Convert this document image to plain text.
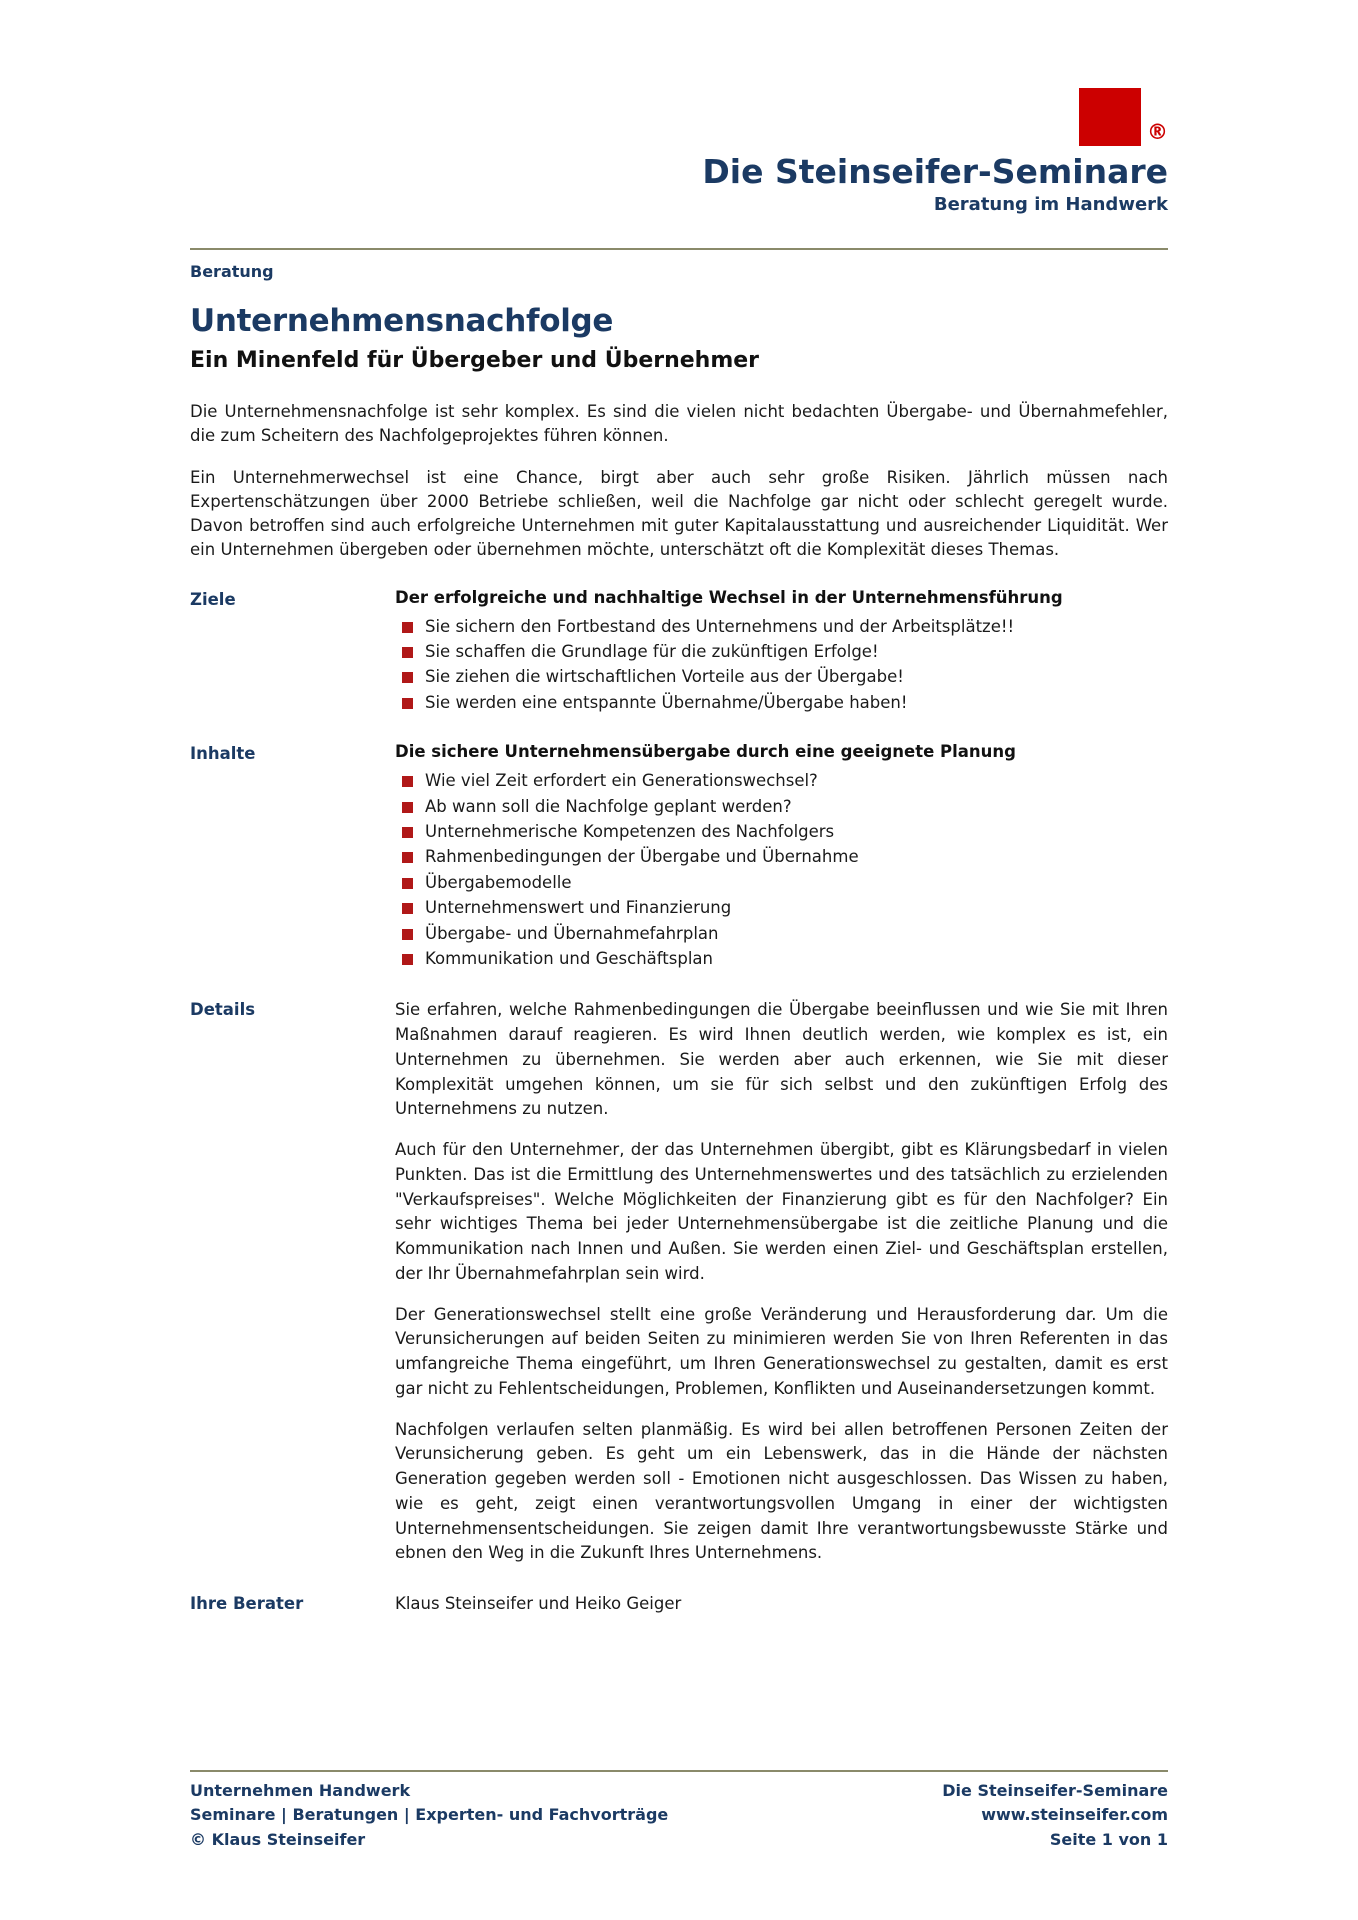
®
Die Steinseifer-Seminare
Beratung im Handwerk
Beratung
Unternehmensnachfolge
Ein Minenfeld für Übergeber und Übernehmer

Die Unternehmensnachfolge ist sehr komplex. Es sind die vielen nicht bedachten Übergabe- und Übernahmefehler, die zum Scheitern des Nachfolgeprojektes führen können.

Ein Unternehmerwechsel ist eine Chance, birgt aber auch sehr große Risiken. Jährlich müssen nach Expertenschätzungen über 2000 Betriebe schließen, weil die Nachfolge gar nicht oder schlecht geregelt wurde. Davon betroffen sind auch erfolgreiche Unternehmen mit guter Kapitalausstattung und ausreichender Liquidität. Wer ein Unternehmen übergeben oder übernehmen möchte, unterschätzt oft die Komplexität dieses Themas.

Ziele	Der erfolgreiche und nachhaltige Wechsel in der Unternehmensführung
Sie sichern den Fortbestand des Unternehmens und der Arbeitsplätze!!
Sie schaffen die Grundlage für die zukünftigen Erfolge!
Sie ziehen die wirtschaftlichen Vorteile aus der Übergabe!
Sie werden eine entspannte Übernahme/Übergabe haben!
Inhalte	Die sichere Unternehmensübergabe durch eine geeignete Planung
Wie viel Zeit erfordert ein Generationswechsel?
Ab wann soll die Nachfolge geplant werden?
Unternehmerische Kompetenzen des Nachfolgers
Rahmenbedingungen der Übergabe und Übernahme
Übergabemodelle
Unternehmenswert und Finanzierung
Übergabe- und Übernahmefahrplan
Kommunikation und Geschäftsplan
Details	Sie erfahren, welche Rahmenbedingungen die Übergabe beeinflussen und wie Sie mit Ihren Maßnahmen darauf reagieren. Es wird Ihnen deutlich werden, wie komplex es ist, ein Unternehmen zu übernehmen. Sie werden aber auch erkennen, wie Sie mit dieser Komplexität umgehen können, um sie für sich selbst und den zukünftigen Erfolg des Unternehmens zu nutzen.

Auch für den Unternehmer, der das Unternehmen übergibt, gibt es Klärungsbedarf in vielen Punkten. Das ist die Ermittlung des Unternehmenswertes und des tatsächlich zu erzielenden "Verkaufspreises". Welche Möglichkeiten der Finanzierung gibt es für den Nachfolger? Ein sehr wichtiges Thema bei jeder Unternehmensübergabe ist die zeitliche Planung und die Kommunikation nach Innen und Außen. Sie werden einen Ziel- und Geschäftsplan erstellen, der Ihr Übernahmefahrplan sein wird.

Der Generationswechsel stellt eine große Veränderung und Herausforderung dar. Um die Verunsicherungen auf beiden Seiten zu minimieren werden Sie von Ihren Referenten in das umfangreiche Thema eingeführt, um Ihren Generationswechsel zu gestalten, damit es erst gar nicht zu Fehlentscheidungen, Problemen, Konflikten und Auseinandersetzungen kommt.

Nachfolgen verlaufen selten planmäßig. Es wird bei allen betroffenen Personen Zeiten der Verunsicherung geben. Es geht um ein Lebenswerk, das in die Hände der nächsten Generation gegeben werden soll - Emotionen nicht ausgeschlossen. Das Wissen zu haben, wie es geht, zeigt einen verantwortungsvollen Umgang in einer der wichtigsten Unternehmensentscheidungen. Sie zeigen damit Ihre verantwortungsbewusste Stärke und ebnen den Weg in die Zukunft Ihres Unternehmens.

Ihre Berater	Klaus Steinseifer und Heiko Geiger
Unternehmen Handwerk
Seminare | Beratungen | Experten- und Fachvorträge
© Klaus Steinseifer
Die Steinseifer-Seminare
www.steinseifer.com
Seite 1 von 1
